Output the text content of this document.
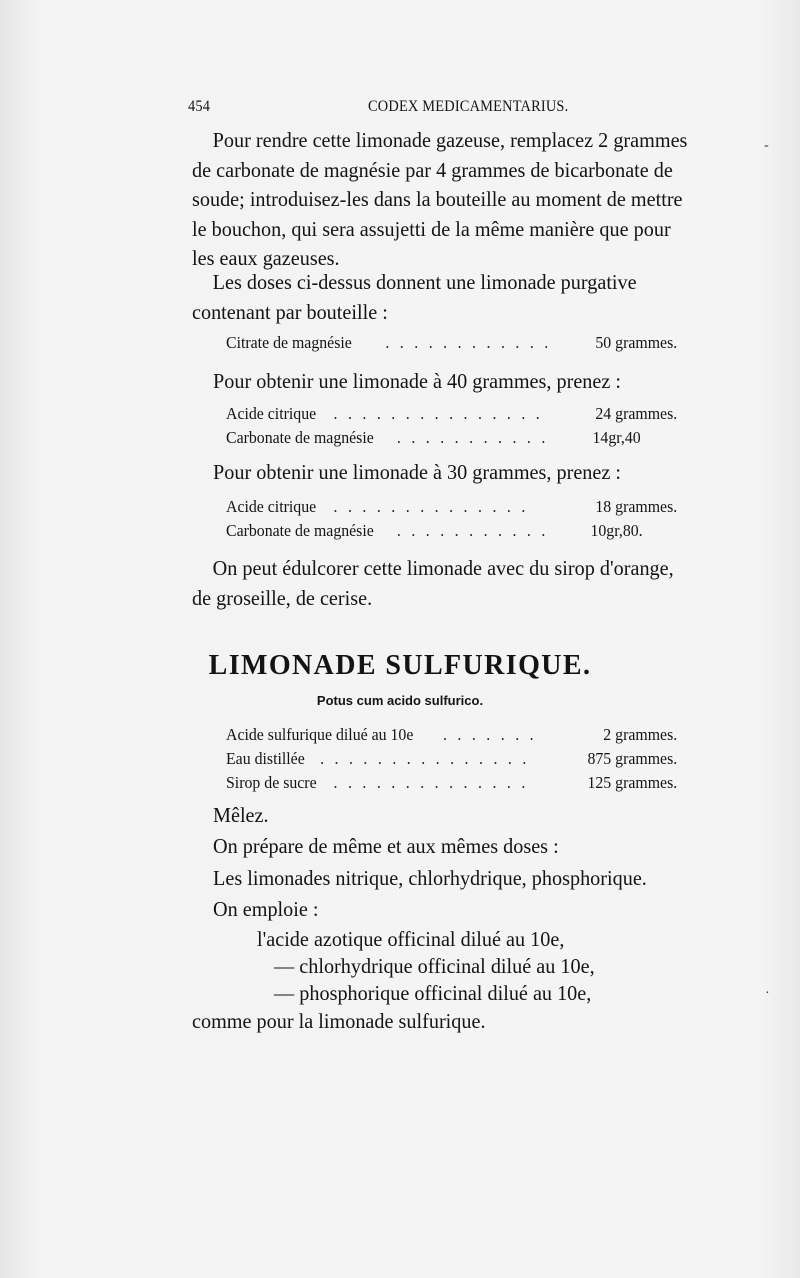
454	CODEX MEDICAMENTARIUS.

Pour rendre cette limonade gazeuse, remplacez 2 grammes de carbonate de magnésie par 4 grammes de bicarbonate de soude; introduisez-les dans la bouteille au moment de mettre le bouchon, qui sera assujetti de la même manière que pour les eaux gazeuses.

Les doses ci-dessus donnent une limonade purgative contenant par bouteille :

Citrate de magnésie . . . . . . . . . . . .	50 grammes.
Pour obtenir une limonade à 40 grammes, prenez :
Acide citrique . . . . . . . . . . . . . . .	24 grammes.
Carbonate de magnésie . . . . . . . . . . .	14gr,40
Pour obtenir une limonade à 30 grammes, prenez :
Acide citrique . . . . . . . . . . . . . .	18 grammes.
Carbonate de magnésie . . . . . . . . . . .	10gr,80.

On peut édulcorer cette limonade avec du sirop d'orange, de groseille, de cerise.

LIMONADE SULFURIQUE.
Potus cum acido sulfurico.
Acide sulfurique dilué au 10e . . . . . . .	2 grammes.
Eau distillée . . . . . . . . . . . . . . .	875 grammes.
Sirop de sucre . . . . . . . . . . . . . .	125 grammes.
Mêlez.
On prépare de même et aux mêmes doses :
Les limonades nitrique, chlorhydrique, phosphorique.
On emploie :
l'acide azotique officinal dilué au 10e,
— chlorhydrique officinal dilué au 10e,
— phosphorique officinal dilué au 10e,
comme pour la limonade sulfurique.
-
·
